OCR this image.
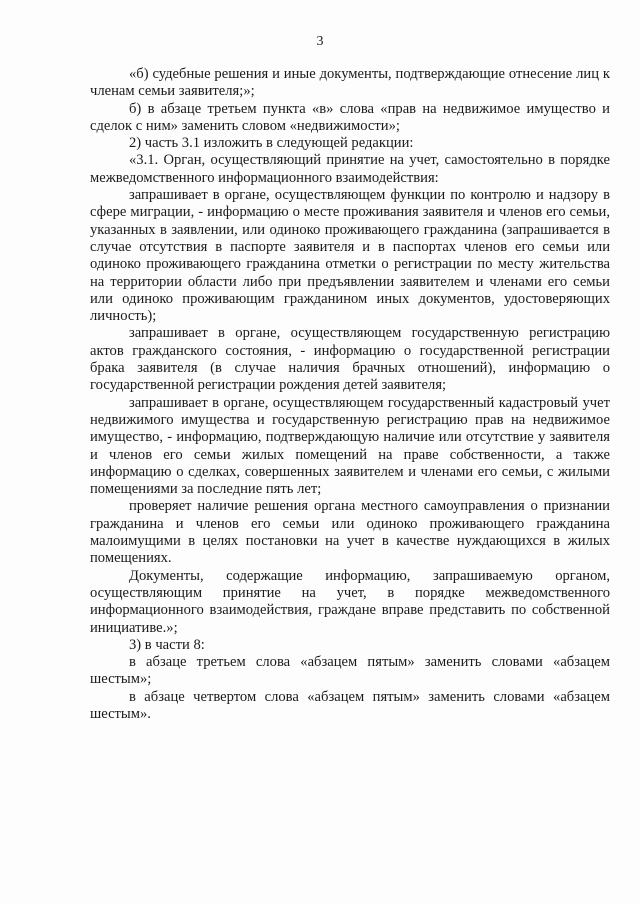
3

«б) судебные решения и иные документы, подтверждающие отнесение лиц к членам семьи заявителя;»;

б) в абзаце третьем пункта «в» слова «прав на недвижимое имущество и сделок с ним» заменить словом «недвижимости»;

2) часть 3.1 изложить в следующей редакции:

«3.1. Орган, осуществляющий принятие на учет, самостоятельно в порядке межведомственного информационного взаимодействия:

запрашивает в органе, осуществляющем функции по контролю и надзору в сфере миграции, - информацию о месте проживания заявителя и членов его семьи, указанных в заявлении, или одиноко проживающего гражданина (запрашивается в случае отсутствия в паспорте заявителя и в паспортах членов его семьи или одиноко проживающего гражданина отметки о регистрации по месту жительства на территории области либо при предъявлении заявителем и членами его семьи или одиноко проживающим гражданином иных документов, удостоверяющих личность);

запрашивает в органе, осуществляющем государственную регистрацию актов гражданского состояния, - информацию о государственной регистрации брака заявителя (в случае наличия брачных отношений), информацию о государственной регистрации рождения детей заявителя;

запрашивает в органе, осуществляющем государственный кадастровый учет недвижимого имущества и государственную регистрацию прав на недвижимое имущество, - информацию, подтверждающую наличие или отсутствие у заявителя и членов его семьи жилых помещений на праве собственности, а также информацию о сделках, совершенных заявителем и членами его семьи, с жилыми помещениями за последние пять лет;

проверяет наличие решения органа местного самоуправления о признании гражданина и членов его семьи или одиноко проживающего гражданина малоимущими в целях постановки на учет в качестве нуждающихся в жилых помещениях.

Документы, содержащие информацию, запрашиваемую органом, осуществляющим принятие на учет, в порядке межведомственного информационного взаимодействия, граждане вправе представить по собственной инициативе.»;

3) в части 8:

в абзаце третьем слова «абзацем пятым» заменить словами «абзацем шестым»;

в абзаце четвертом слова «абзацем пятым» заменить словами «абзацем шестым».
